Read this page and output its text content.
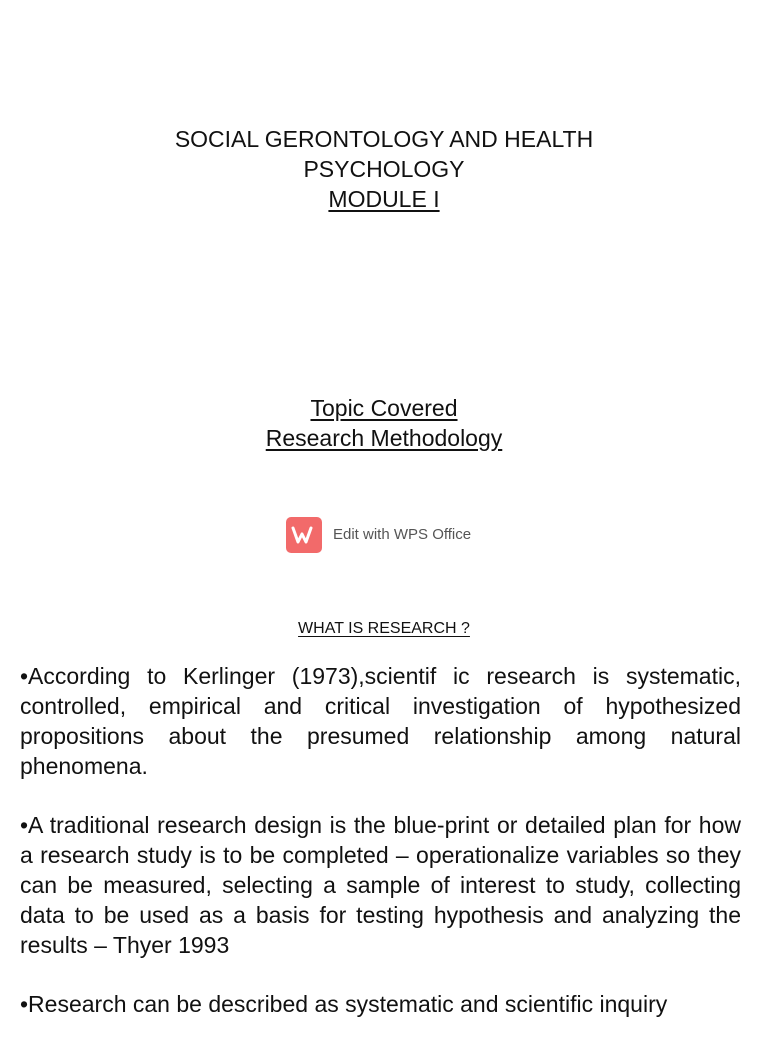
SOCIAL GERONTOLOGY AND HEALTH
PSYCHOLOGY
MODULE I
Topic Covered
Research Methodology
Edit with WPS Office
WHAT IS RESEARCH ?

•According to Kerlinger (1973),scientif ic research is systematic, controlled, empirical and critical investigation of hypothesized propositions about the presumed relationship among natural phenomena.

•A traditional research design is the blue-print or detailed plan for how a research study is to be completed – operationalize variables so they can be measured, selecting a sample of interest to study, collecting data to be used as a basis for testing hypothesis and analyzing the results – Thyer 1993

•Research can be described as systematic and scientific inquiry
